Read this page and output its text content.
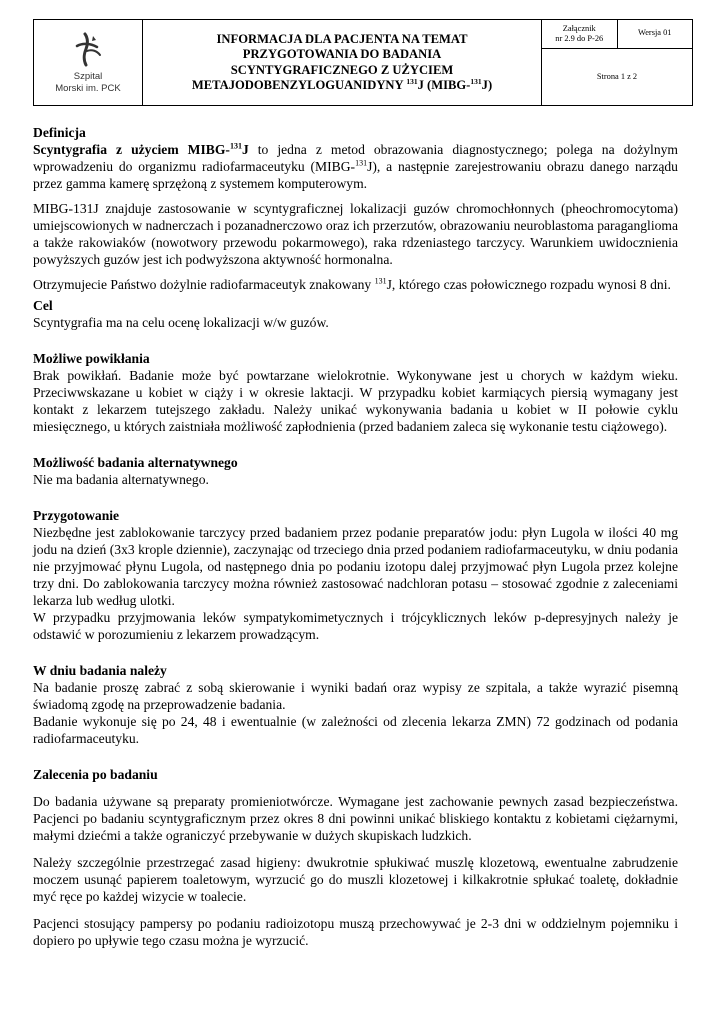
Szpital
Morski im. PCK

INFORMACJA DLA PACJENTA NA TEMAT
PRZYGOTOWANIA DO BADANIA
SCYNTYGRAFICZNEGO Z UŻYCIEM
METAJODOBENZYLOGUANIDYNY $^{131}$J (MIBG-$^{131}$J)

Załącznik
nr 2.9 do P-26
	Wersja 01
Strona 1 z 2
Definicja

Scyntygrafia z użyciem MIBG-$^{131}$J to jedna z metod obrazowania diagnostycznego; polega na dożylnym wprowadzeniu do organizmu radiofarmaceutyku (MIBG-$^{131}$J), a następnie zarejestrowaniu obrazu danego narządu przez gamma kamerę sprzężoną z systemem komputerowym.

MIBG-131J znajduje zastosowanie w scyntygraficznej lokalizacji guzów chromochłonnych (pheochromocytoma) umiejscowionych w nadnerczach i pozanadnerczowo oraz ich przerzutów, obrazowaniu neuroblastoma paraganglioma a także rakowiaków (nowotwory przewodu pokarmowego), raka rdzeniastego tarczycy. Warunkiem uwidocznienia powyższych guzów jest ich podwyższona aktywność hormonalna.

Otrzymujecie Państwo dożylnie radiofarmaceutyk znakowany $^{131}$J, którego czas połowicznego rozpadu wynosi 8 dni.

Cel

Scyntygrafia ma na celu ocenę lokalizacji w/w guzów.

Możliwe powikłania

Brak powikłań. Badanie może być powtarzane wielokrotnie. Wykonywane jest u chorych w każdym wieku. Przeciwwskazane u kobiet w ciąży i w okresie laktacji. W przypadku kobiet karmiących piersią wymagany jest kontakt z lekarzem tutejszego zakładu. Należy unikać wykonywania badania u kobiet w II połowie cyklu miesięcznego, u których zaistniała możliwość zapłodnienia (przed badaniem zaleca się wykonanie testu ciążowego).

Możliwość badania alternatywnego

Nie ma badania alternatywnego.

Przygotowanie

Niezbędne jest zablokowanie tarczycy przed badaniem przez podanie preparatów jodu: płyn Lugola w ilości 40 mg jodu na dzień (3x3 krople dziennie), zaczynając od trzeciego dnia przed podaniem radiofarmaceutyku, w dniu podania nie przyjmować płynu Lugola, od następnego dnia po podaniu izotopu dalej przyjmować płyn Lugola przez kolejne trzy dni. Do zablokowania tarczycy można również zastosować nadchloran potasu – stosować zgodnie z zaleceniami lekarza lub według ulotki.

W przypadku przyjmowania leków sympatykomimetycznych i trójcyklicznych leków p-depresyjnych należy je odstawić w porozumieniu z lekarzem prowadzącym.

W dniu badania należy

Na badanie proszę zabrać z sobą skierowanie i wyniki badań oraz wypisy ze szpitala, a także wyrazić pisemną świadomą zgodę na przeprowadzenie badania.

Badanie wykonuje się po 24, 48 i ewentualnie (w zależności od zlecenia lekarza ZMN) 72 godzinach od podania radiofarmaceutyku.

Zalecenia po badaniu

Do badania używane są preparaty promieniotwórcze. Wymagane jest zachowanie pewnych zasad bezpieczeństwa. Pacjenci po badaniu scyntygraficznym przez okres 8 dni powinni unikać bliskiego kontaktu z kobietami ciężarnymi, małymi dziećmi a także ograniczyć przebywanie w dużych skupiskach ludzkich.

Należy szczególnie przestrzegać zasad higieny: dwukrotnie spłukiwać muszlę klozetową, ewentualne zabrudzenie moczem usunąć papierem toaletowym, wyrzucić go do muszli klozetowej i kilkakrotnie spłukać toaletę, dokładnie myć ręce po każdej wizycie w toalecie.

Pacjenci stosujący pampersy po podaniu radioizotopu muszą przechowywać je 2-3 dni w oddzielnym pojemniku i dopiero po upływie tego czasu można je wyrzucić.
